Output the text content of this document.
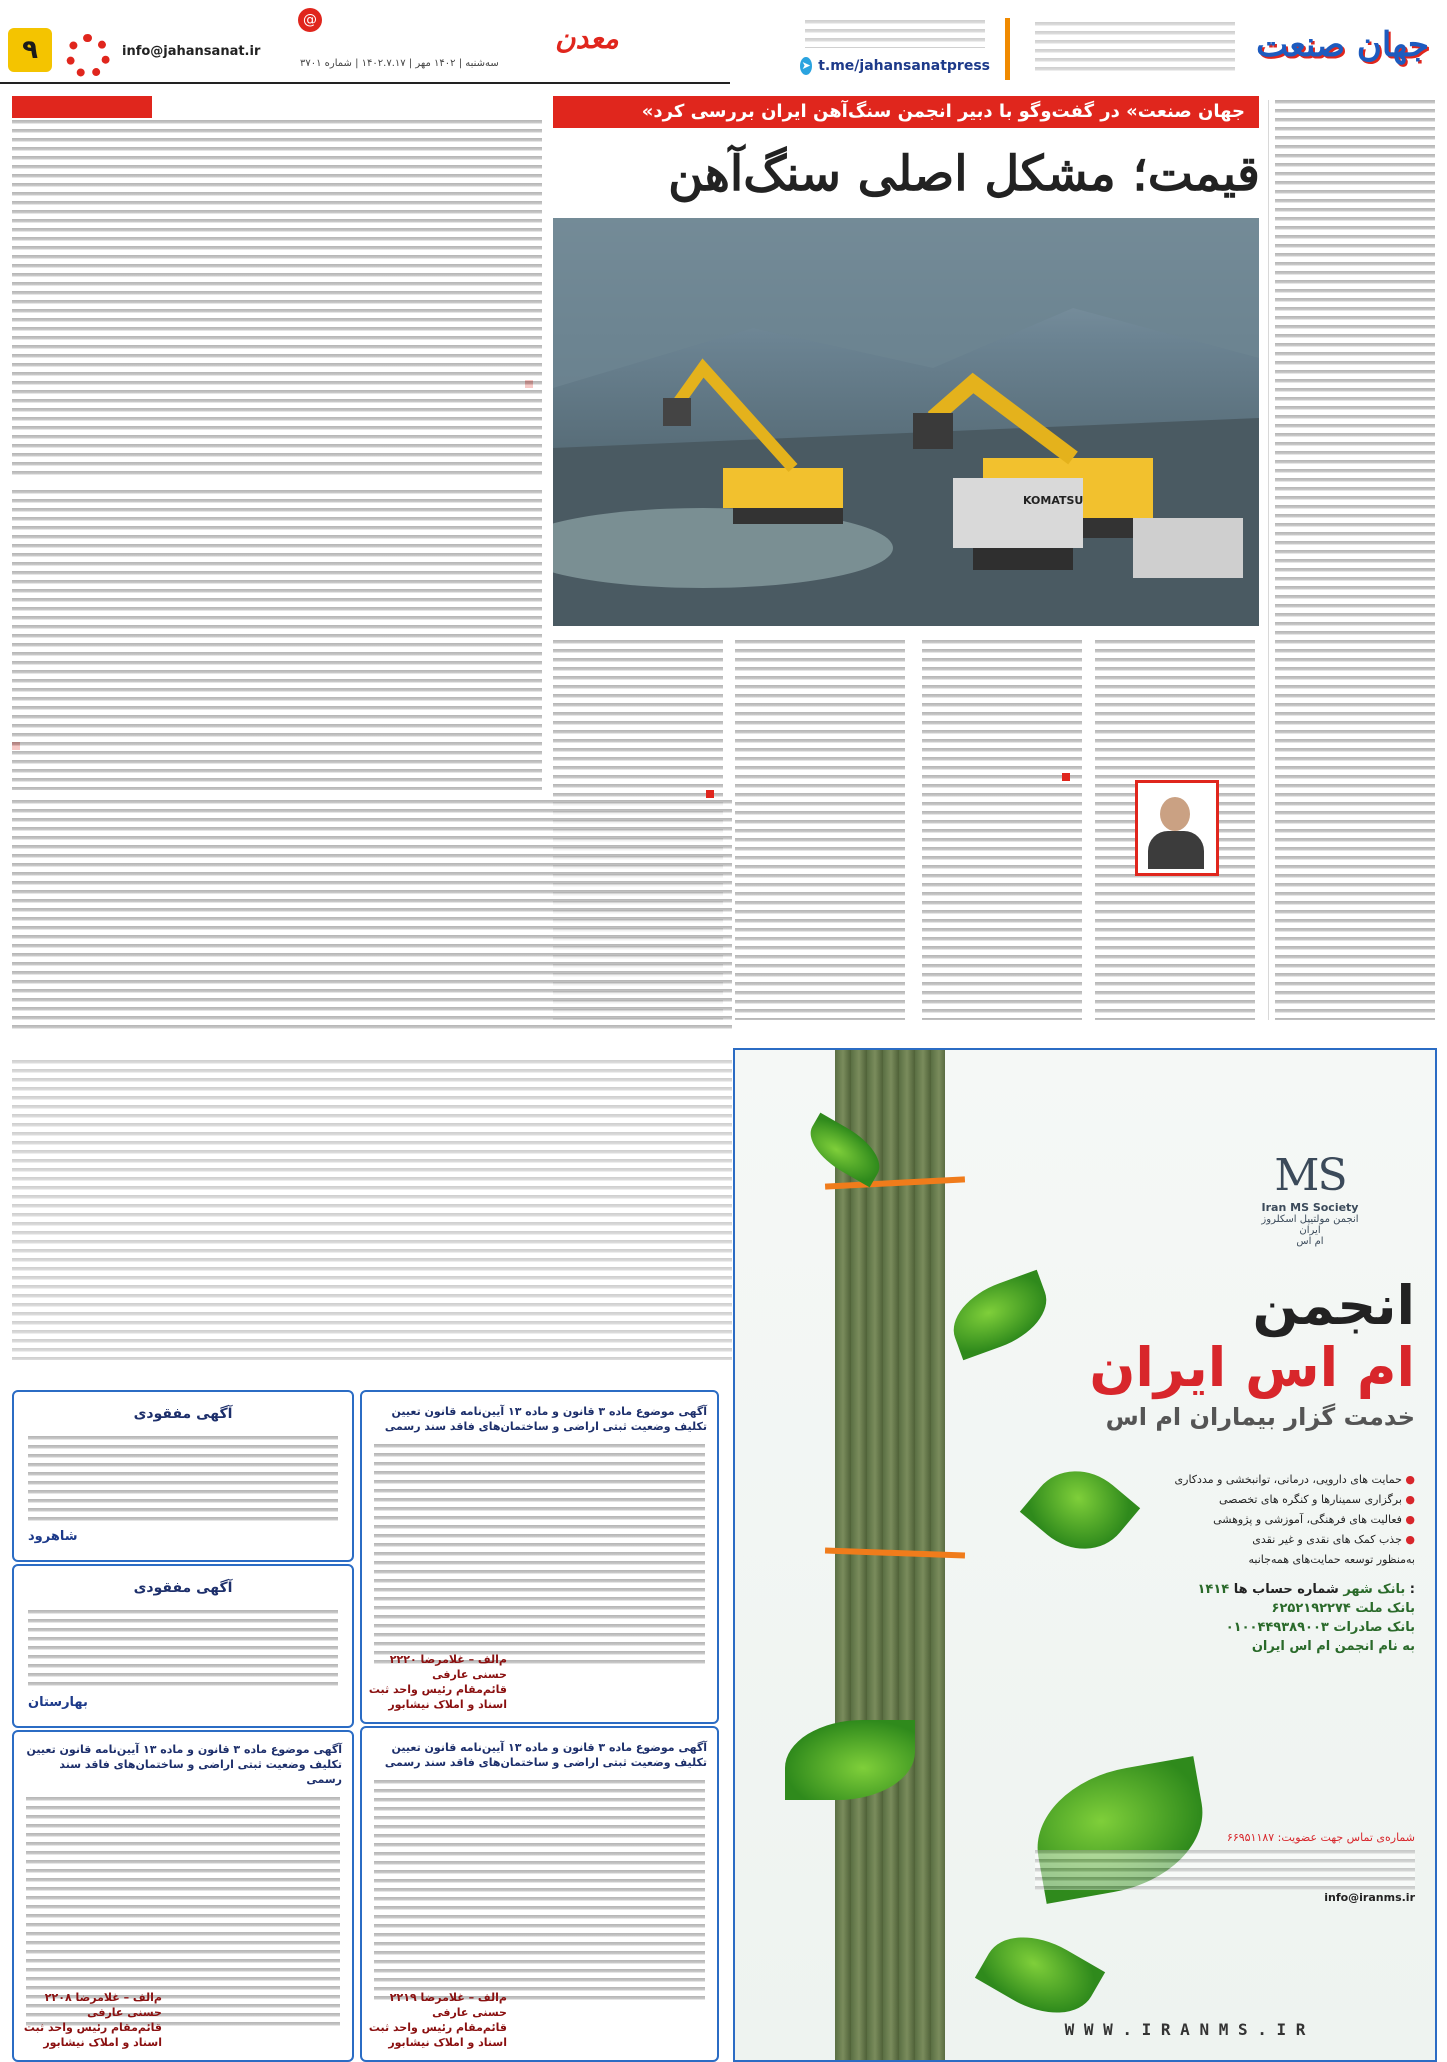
جهان صنعت
➤ t.me/jahansanatpress
معدن
@
info@jahansanat.ir
سه‌شنبه | ۱۴۰۲ مهر | ۱۴۰۲.۷.۱۷ | شماره ۳۷۰۱
۹
«جهان صنعت» در گفت‌وگو با دبیر انجمن سنگ‌آهن ایران بررسی کرد
قیمت؛ مشکل اصلی سنگ‌آهن
KOMATSU
MS
Iran MS Society
انجمن مولتیپل اسکلروز ایران
ام اس
انجمن
ام اس ایران
خدمت گزار بیماران ام اس
حمایت های دارویی، درمانی، توانبخشی و مددکاری ●
برگزاری سمینارها و کنگره های تخصصی ●
فعالیت های فرهنگی، آموزشی و پژوهشی ●
جذب کمک های نقدی و غیر نقدی ●
به‌منظور توسعه حمایت‌های همه‌جانبه
۱۴۱۴ بانک شهر شماره حساب ها :
۶۲۵۲۱۹۲۲۷۴ بانک ملت
۰۱۰۰۴۴۹۳۸۹۰۰۳ بانک صادرات
به نام انجمن ام اس ایران
شماره‌ی تماس جهت عضویت: ۶۶۹۵۱۱۸۷
info@iranms.ir
W W W . I R A N M S . I R
آگهی مفقودی
شاهرود
آگهی مفقودی
بهارستان
آگهی موضوع ماده ۳ قانون و ماده ۱۳ آیین‌نامه قانون تعیین تکلیف وضعیت ثبتی اراضی و ساختمان‌های فاقد سند رسمی
۲۲۲۰ م‌الف – غلامرضا حسنی عارفی
قائم‌مقام رئیس واحد ثبت اسناد و املاک نیشابور
آگهی موضوع ماده ۳ قانون و ماده ۱۳ آیین‌نامه قانون تعیین تکلیف وضعیت ثبتی اراضی و ساختمان‌های فاقد سند رسمی
۲۲۱۹ م‌الف – غلامرضا حسنی عارفی
قائم‌مقام رئیس واحد ثبت اسناد و املاک نیشابور
آگهی موضوع ماده ۳ قانون و ماده ۱۳ آیین‌نامه قانون تعیین تکلیف وضعیت ثبتی اراضی و ساختمان‌های فاقد سند رسمی
۲۲۰۸ م‌الف – غلامرضا حسنی عارفی
قائم‌مقام رئیس واحد ثبت اسناد و املاک نیشابور
